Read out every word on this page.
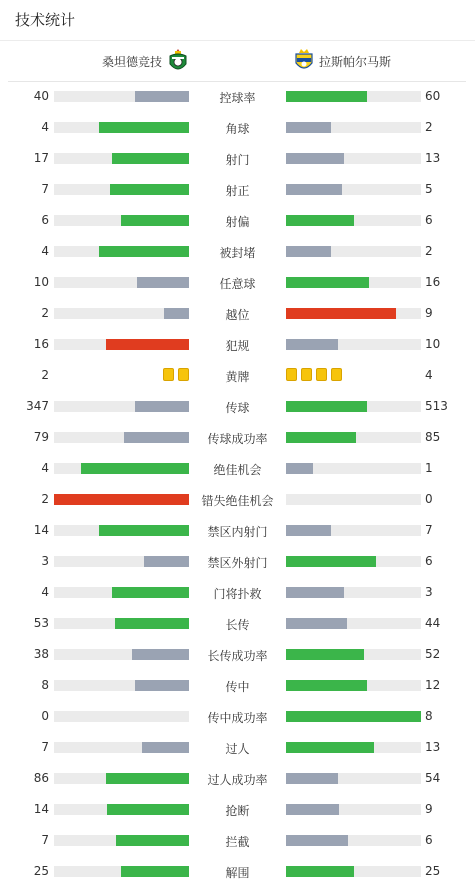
技术统计
桑坦德竞技	拉斯帕尔马斯
40	控球率	60
4	角球	2
17	射门	13
7	射正	5
6	射偏	6
4	被封堵	2
10	任意球	16
2	越位	9
16	犯规	10
2	黄牌	4
347	传球	513
79	传球成功率	85
4	绝佳机会	1
2	错失绝佳机会	0
14	禁区内射门	7
3	禁区外射门	6
4	门将扑救	3
53	长传	44
38	长传成功率	52
8	传中	12
0	传中成功率	8
7	过人	13
86	过人成功率	54
14	抢断	9
7	拦截	6
25	解围	25
